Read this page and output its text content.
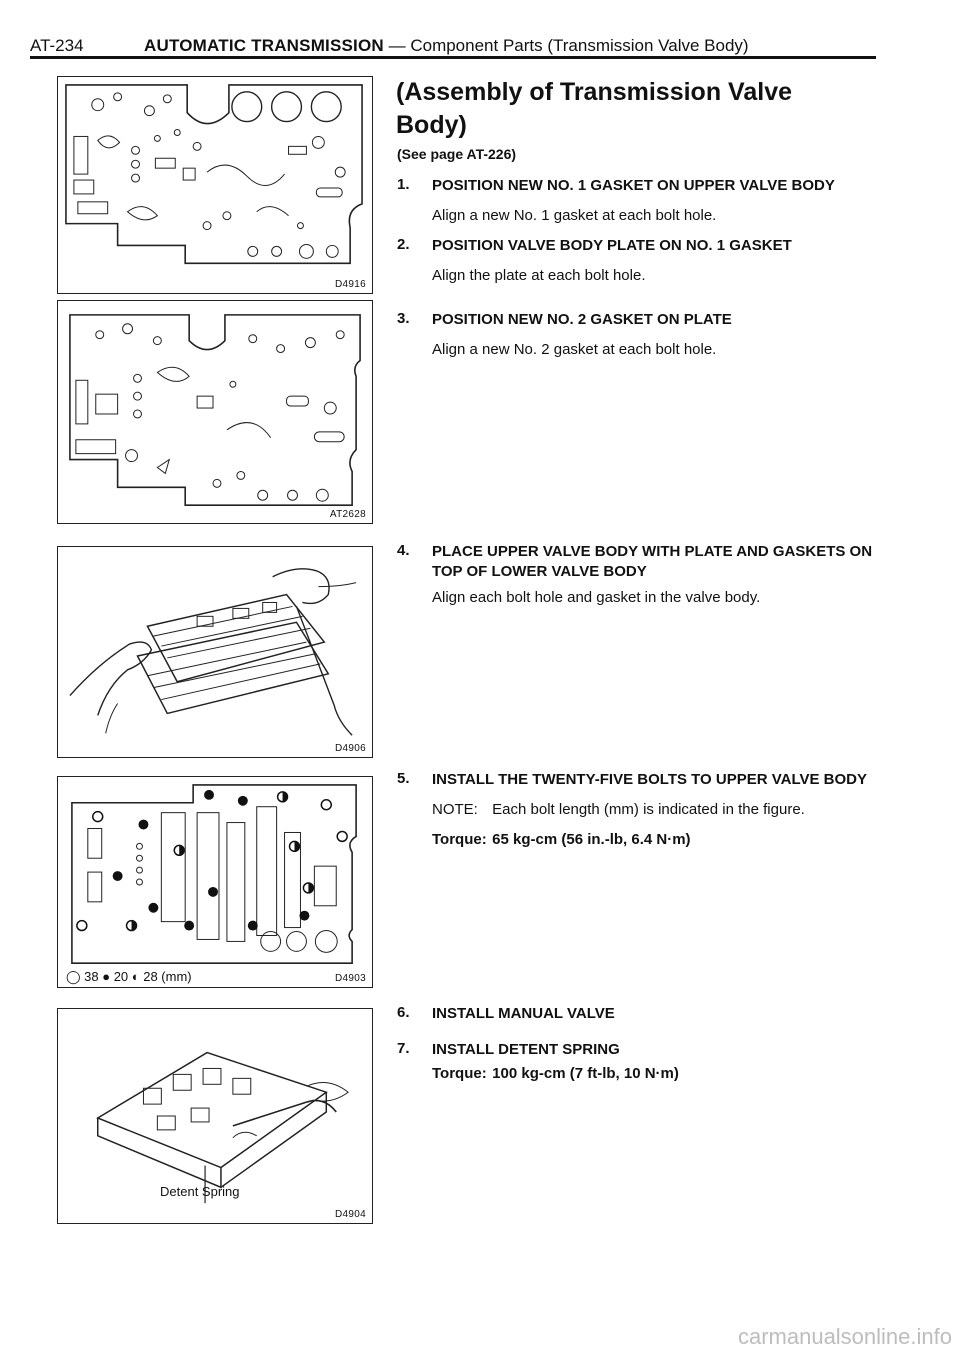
AT-234	AUTOMATIC TRANSMISSION — Component Parts (Transmission Valve Body)
D4916
AT2628
D4906
◯ 38 ● 20 ◐ 28 (mm)	D4903
Detent Spring
D4904
(Assembly of Transmission Valve Body)
(See page AT-226)
1. POSITION NEW NO. 1 GASKET ON UPPER VALVE BODY
Align a new No. 1 gasket at each bolt hole.
2. POSITION VALVE BODY PLATE ON NO. 1 GASKET
Align the plate at each bolt hole.
3. POSITION NEW NO. 2 GASKET ON PLATE
Align a new No. 2 gasket at each bolt hole.
4. PLACE UPPER VALVE BODY WITH PLATE AND GASKETS ON TOP OF LOWER VALVE BODY
Align each bolt hole and gasket in the valve body.
5. INSTALL THE TWENTY-FIVE BOLTS TO UPPER VALVE BODY
NOTE: Each bolt length (mm) is indicated in the figure.
Torque: 65 kg-cm (56 in.-lb, 6.4 N·m)
6. INSTALL MANUAL VALVE
7. INSTALL DETENT SPRING
Torque: 100 kg-cm (7 ft-lb, 10 N·m)
carmanualsonline.info
